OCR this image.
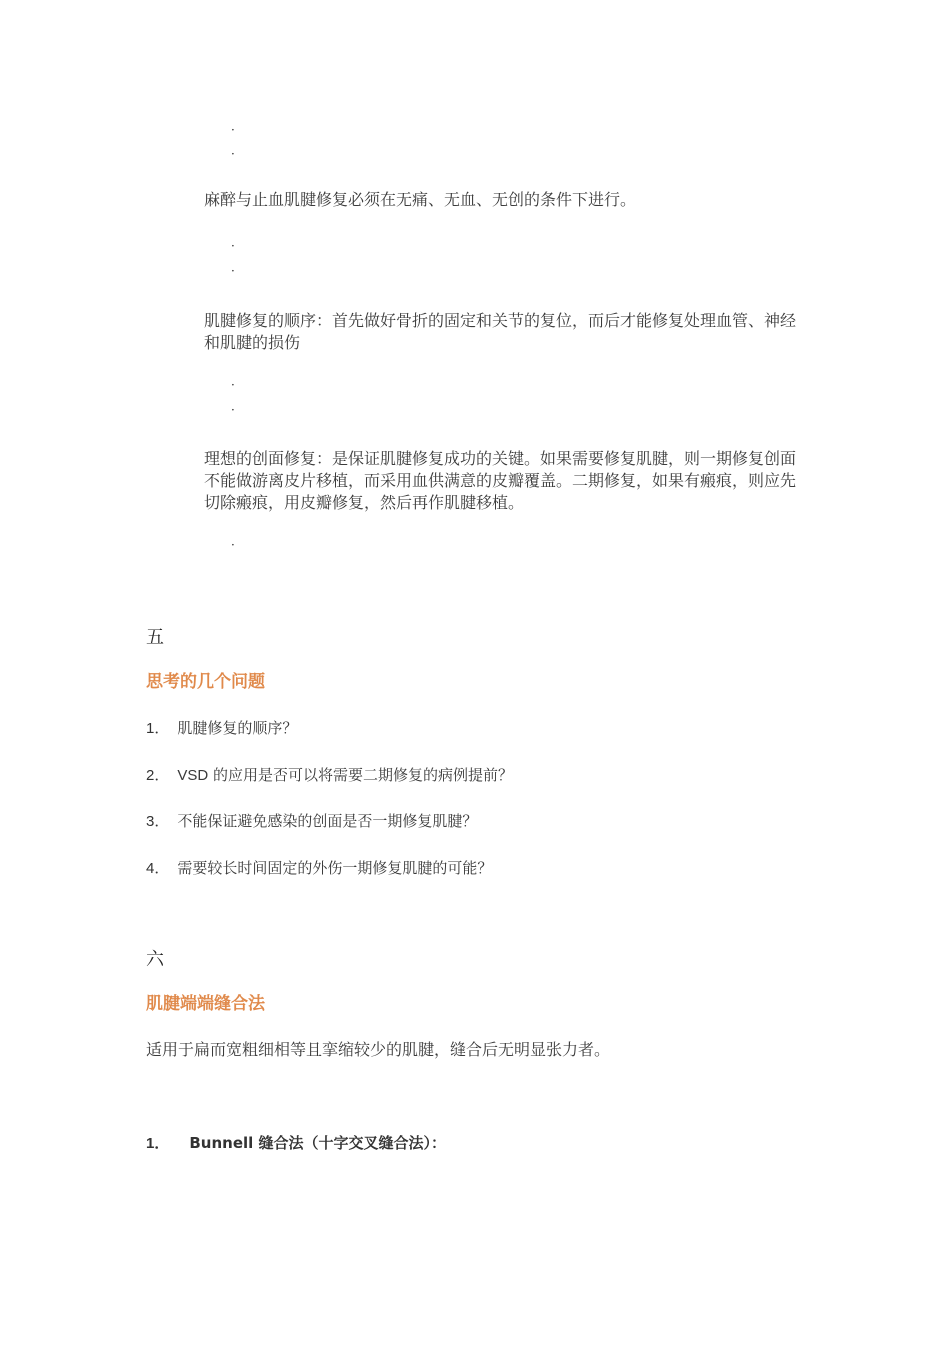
·
·
麻醉与止血肌腱修复必须在无痛、无血、无创的条件下进行。
·
·
肌腱修复的顺序：首先做好骨折的固定和关节的复位，而后才能修复处理血管、神经和肌腱的损伤
·
·
理想的创面修复：是保证肌腱修复成功的关键。如果需要修复肌腱，则一期修复创面不能做游离皮片移植，而采用血供满意的皮瓣覆盖。二期修复，如果有瘢痕，则应先切除瘢痕，用皮瓣修复，然后再作肌腱移植。
·
五
思考的几个问题
1． 肌腱修复的顺序？
2． VSD 的应用是否可以将需要二期修复的病例提前？
3． 不能保证避免感染的创面是否一期修复肌腱？
4． 需要较长时间固定的外伤一期修复肌腱的可能？
六
肌腱端端缝合法
适用于扁而宽粗细相等且挛缩较少的肌腱，缝合后无明显张力者。
1． Bunnell 缝合法（十字交叉缝合法）：
